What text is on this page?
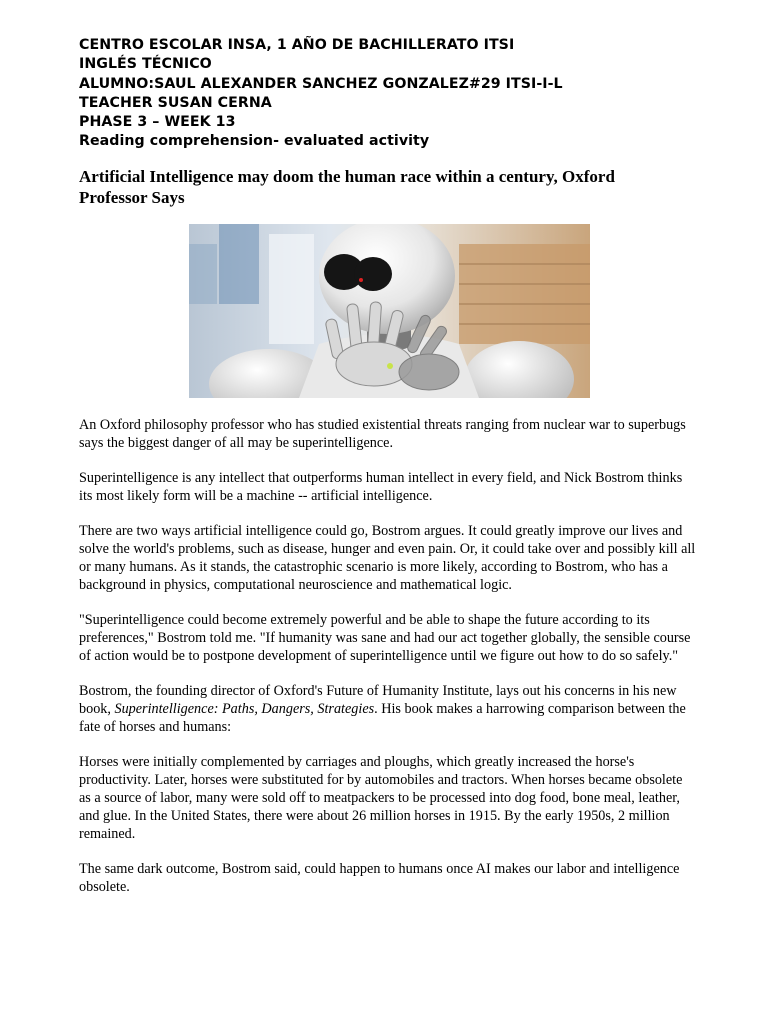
CENTRO ESCOLAR INSA, 1 AÑO DE BACHILLERATO ITSI
INGLÉS TÉCNICO
ALUMNO:SAUL ALEXANDER SANCHEZ GONZALEZ#29 ITSI-I-L
TEACHER SUSAN CERNA
PHASE 3 – WEEK 13
Reading comprehension- evaluated activity
Artificial Intelligence may doom the human race within a century, Oxford Professor Says

An Oxford philosophy professor who has studied existential threats ranging from nuclear war to superbugs says the biggest danger of all may be superintelligence.

Superintelligence is any intellect that outperforms human intellect in every field, and Nick Bostrom thinks its most likely form will be a machine -- artificial intelligence.

There are two ways artificial intelligence could go, Bostrom argues. It could greatly improve our lives and solve the world's problems, such as disease, hunger and even pain. Or, it could take over and possibly kill all or many humans. As it stands, the catastrophic scenario is more likely, according to Bostrom, who has a background in physics, computational neuroscience and mathematical logic.

"Superintelligence could become extremely powerful and be able to shape the future according to its preferences," Bostrom told me. "If humanity was sane and had our act together globally, the sensible course of action would be to postpone development of superintelligence until we figure out how to do so safely."

Bostrom, the founding director of Oxford's Future of Humanity Institute, lays out his concerns in his new book, Superintelligence: Paths, Dangers, Strategies. His book makes a harrowing comparison between the fate of horses and humans:

Horses were initially complemented by carriages and ploughs, which greatly increased the horse's productivity. Later, horses were substituted for by automobiles and tractors. When horses became obsolete as a source of labor, many were sold off to meatpackers to be processed into dog food, bone meal, leather, and glue. In the United States, there were about 26 million horses in 1915. By the early 1950s, 2 million remained.

The same dark outcome, Bostrom said, could happen to humans once AI makes our labor and intelligence obsolete.
